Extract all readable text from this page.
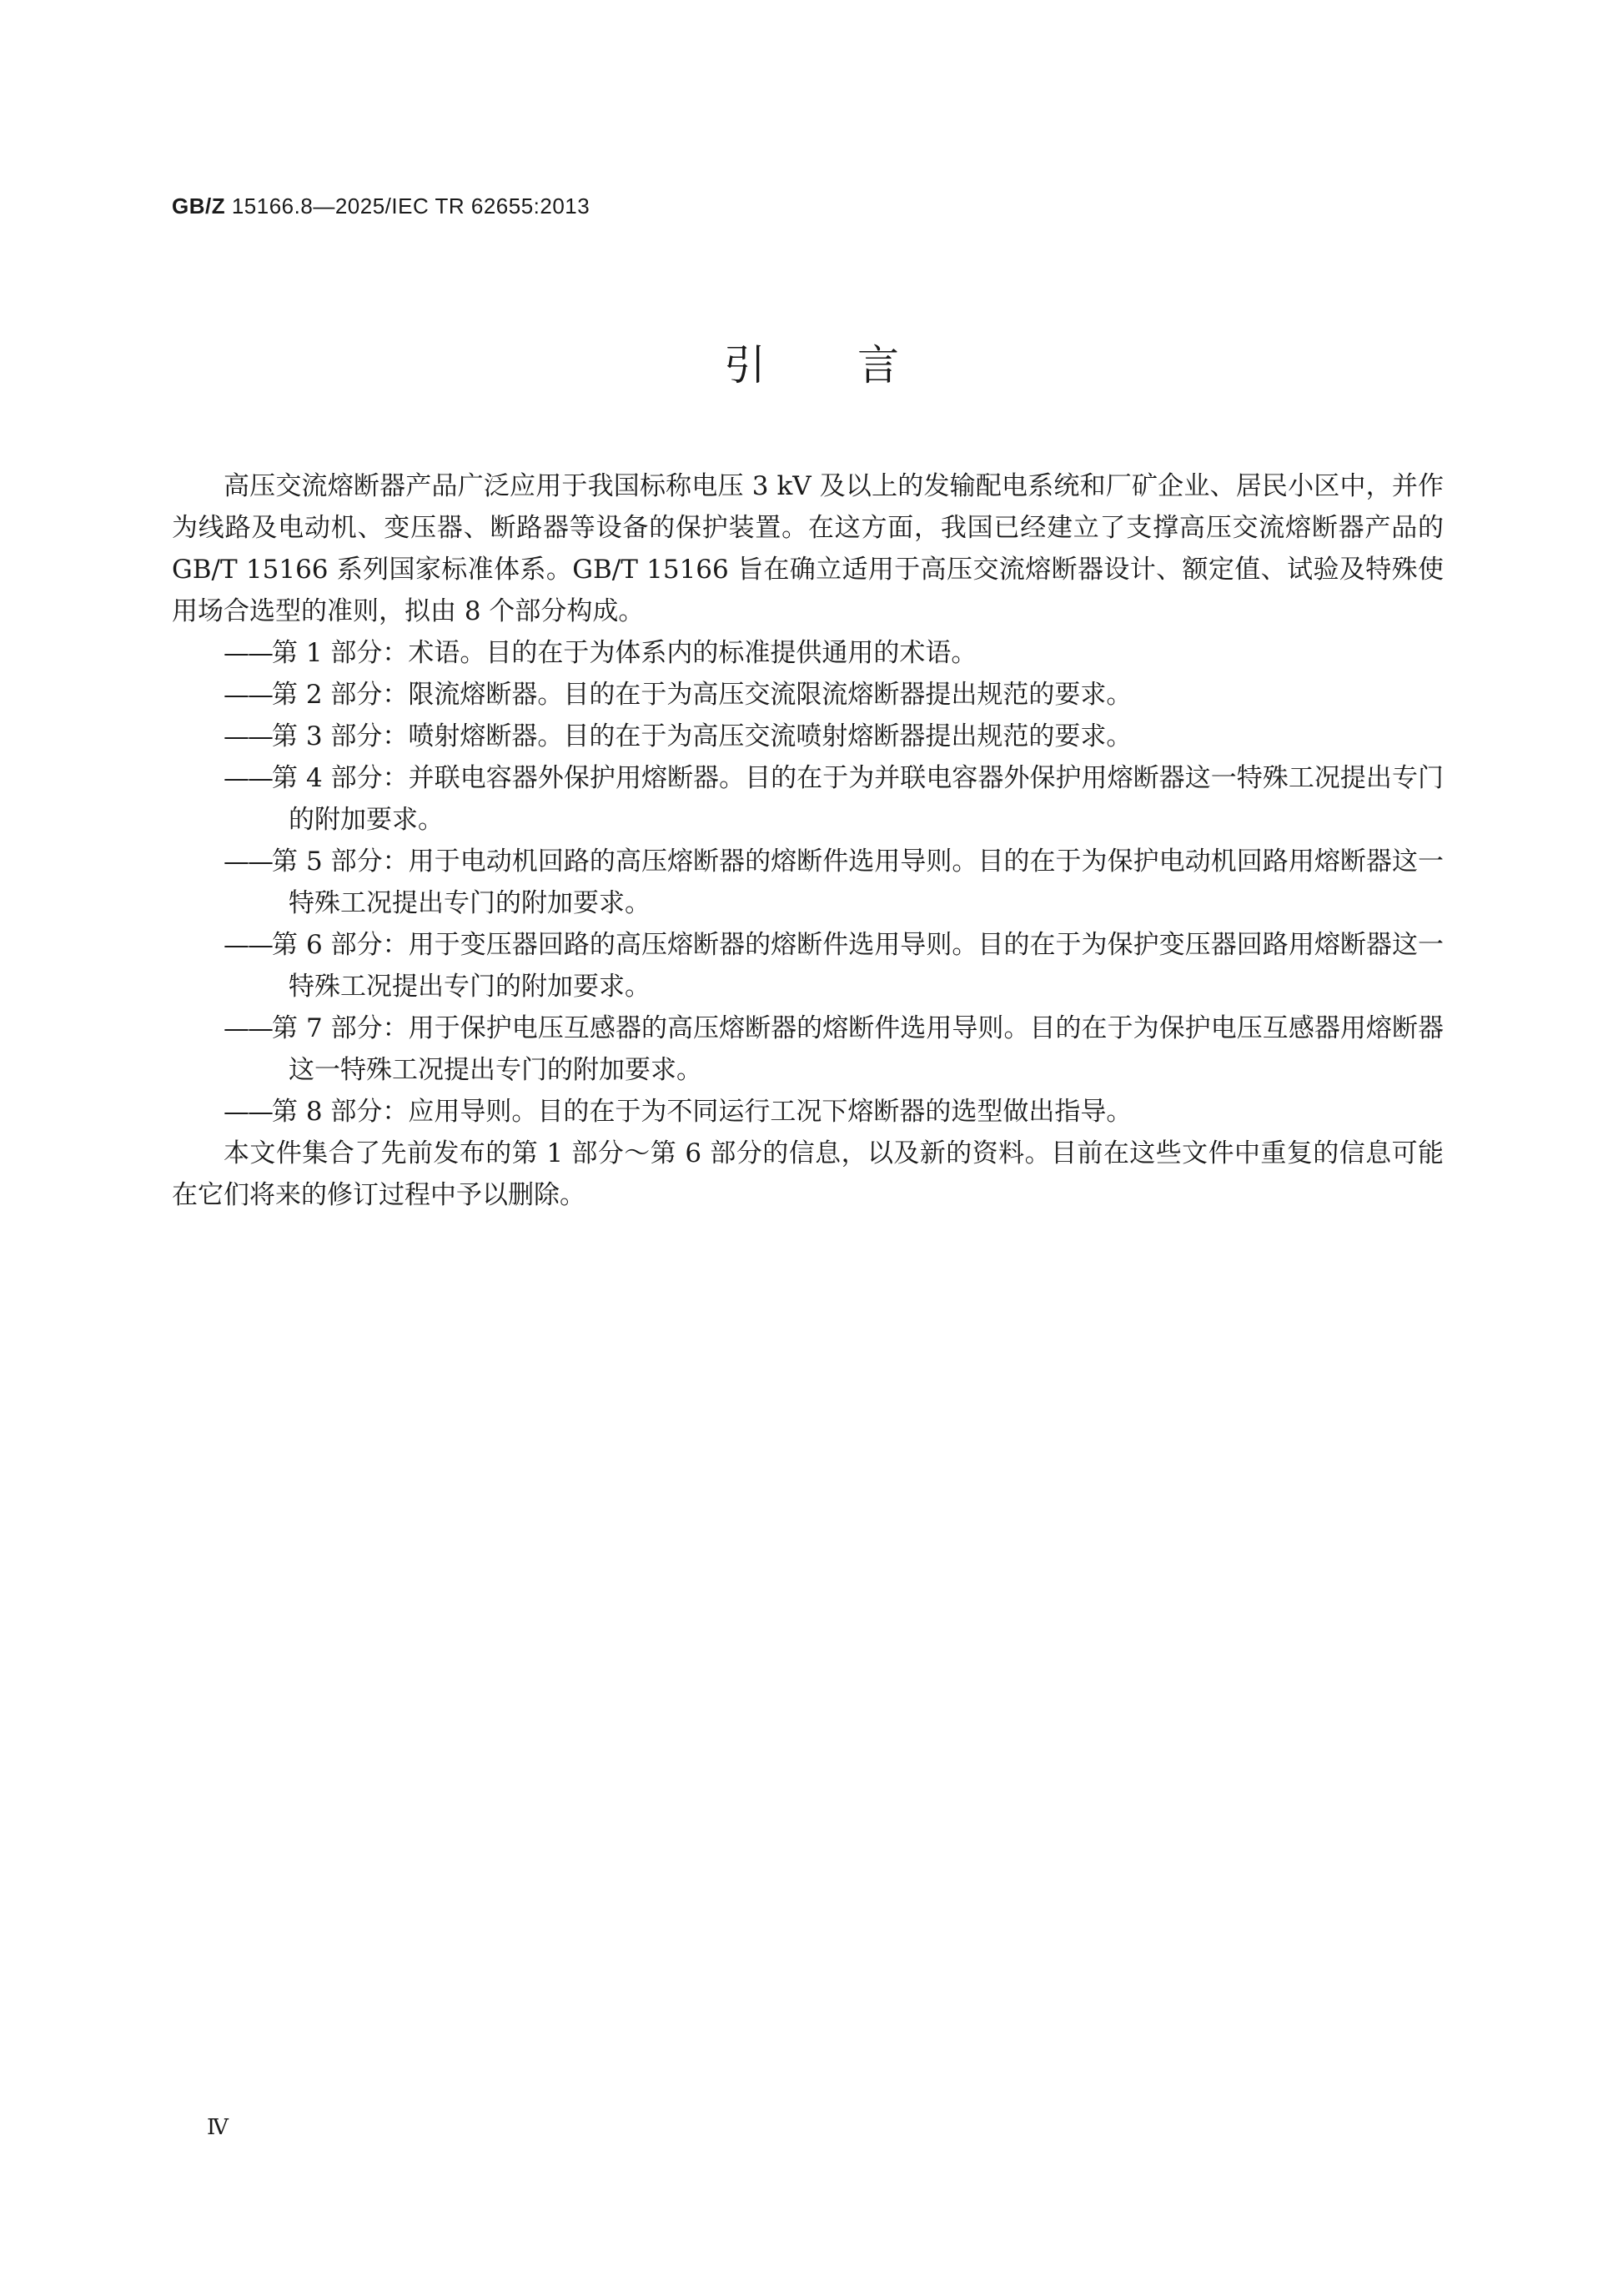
GB/Z 15166.8—2025/IEC TR 62655:2013
引言

高压交流熔断器产品广泛应用于我国标称电压 3 kV 及以上的发输配电系统和厂矿企业、居民小区中，并作为线路及电动机、变压器、断路器等设备的保护装置。在这方面，我国已经建立了支撑高压交流熔断器产品的 GB/T 15166 系列国家标准体系。GB/T 15166 旨在确立适用于高压交流熔断器设计、额定值、试验及特殊使用场合选型的准则，拟由 8 个部分构成。

——第 1 部分：术语。目的在于为体系内的标准提供通用的术语。

——第 2 部分：限流熔断器。目的在于为高压交流限流熔断器提出规范的要求。

——第 3 部分：喷射熔断器。目的在于为高压交流喷射熔断器提出规范的要求。

——第 4 部分：并联电容器外保护用熔断器。目的在于为并联电容器外保护用熔断器这一特殊工况提出专门的附加要求。

——第 5 部分：用于电动机回路的高压熔断器的熔断件选用导则。目的在于为保护电动机回路用熔断器这一特殊工况提出专门的附加要求。

——第 6 部分：用于变压器回路的高压熔断器的熔断件选用导则。目的在于为保护变压器回路用熔断器这一特殊工况提出专门的附加要求。

——第 7 部分：用于保护电压互感器的高压熔断器的熔断件选用导则。目的在于为保护电压互感器用熔断器这一特殊工况提出专门的附加要求。

——第 8 部分：应用导则。目的在于为不同运行工况下熔断器的选型做出指导。

本文件集合了先前发布的第 1 部分～第 6 部分的信息，以及新的资料。目前在这些文件中重复的信息可能在它们将来的修订过程中予以删除。

Ⅳ
